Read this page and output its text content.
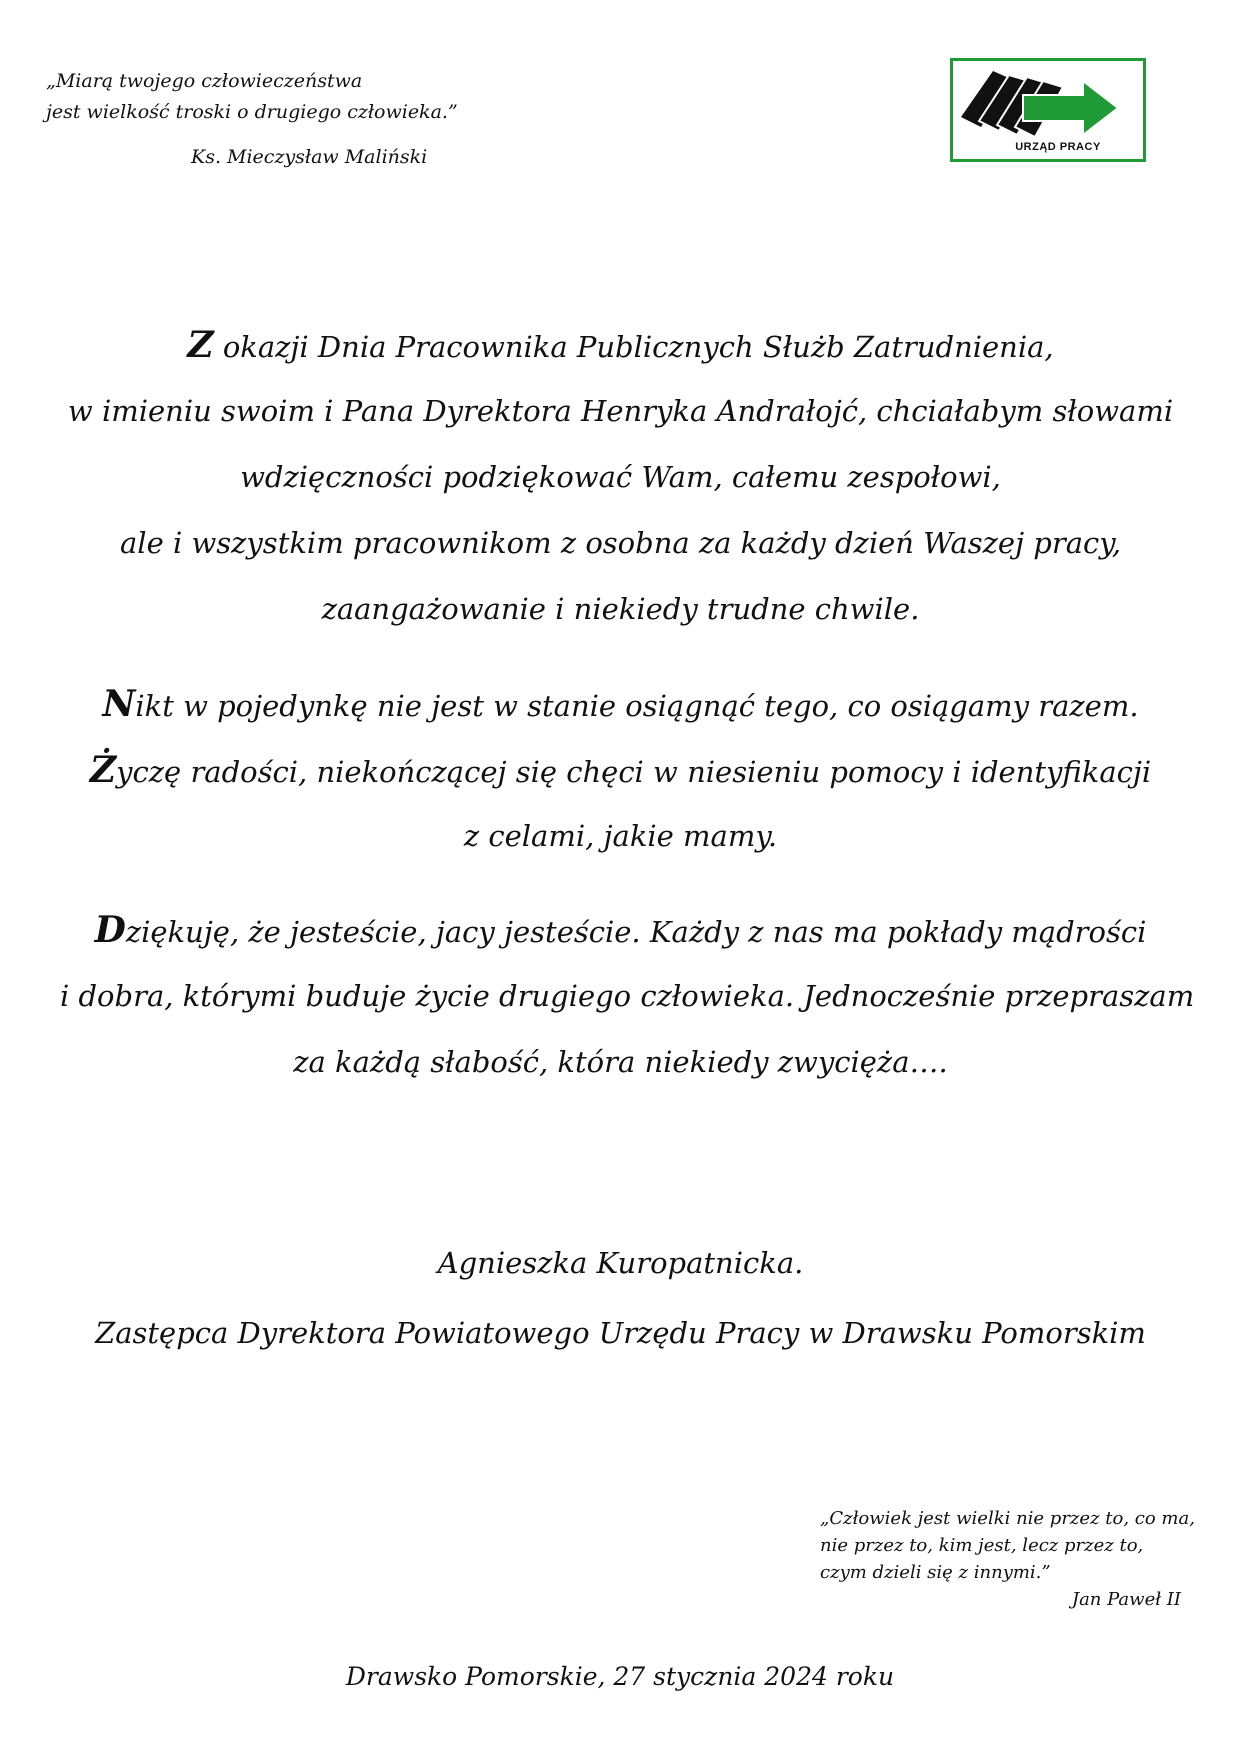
„Miarą twojego człowieczeństwa
jest wielkość troski o drugiego człowieka.”
Ks. Mieczysław Maliński	URZĄD PRACY
Z okazji Dnia Pracownika Publicznych Służb Zatrudnienia,
w imieniu swoim i Pana Dyrektora Henryka Andrałojć, chciałabym słowami
wdzięczności podziękować Wam, całemu zespołowi,
ale i wszystkim pracownikom z osobna za każdy dzień Waszej pracy,
zaangażowanie i niekiedy trudne chwile.
Nikt w pojedynkę nie jest w stanie osiągnąć tego, co osiągamy razem.
Życzę radości, niekończącej się chęci w niesieniu pomocy i identyfikacji
z celami, jakie mamy.
Dziękuję, że jesteście, jacy jesteście. Każdy z nas ma pokłady mądrości
i dobra, którymi buduje życie drugiego człowieka. Jednocześnie przepraszam
za każdą słabość, która niekiedy zwycięża….
Agnieszka Kuropatnicka.
Zastępca Dyrektora Powiatowego Urzędu Pracy w Drawsku Pomorskim
„Człowiek jest wielki nie przez to, co ma,
nie przez to, kim jest, lecz przez to,
czym dzieli się z innymi.”
Jan Paweł II
Drawsko Pomorskie, 27 stycznia 2024 roku
